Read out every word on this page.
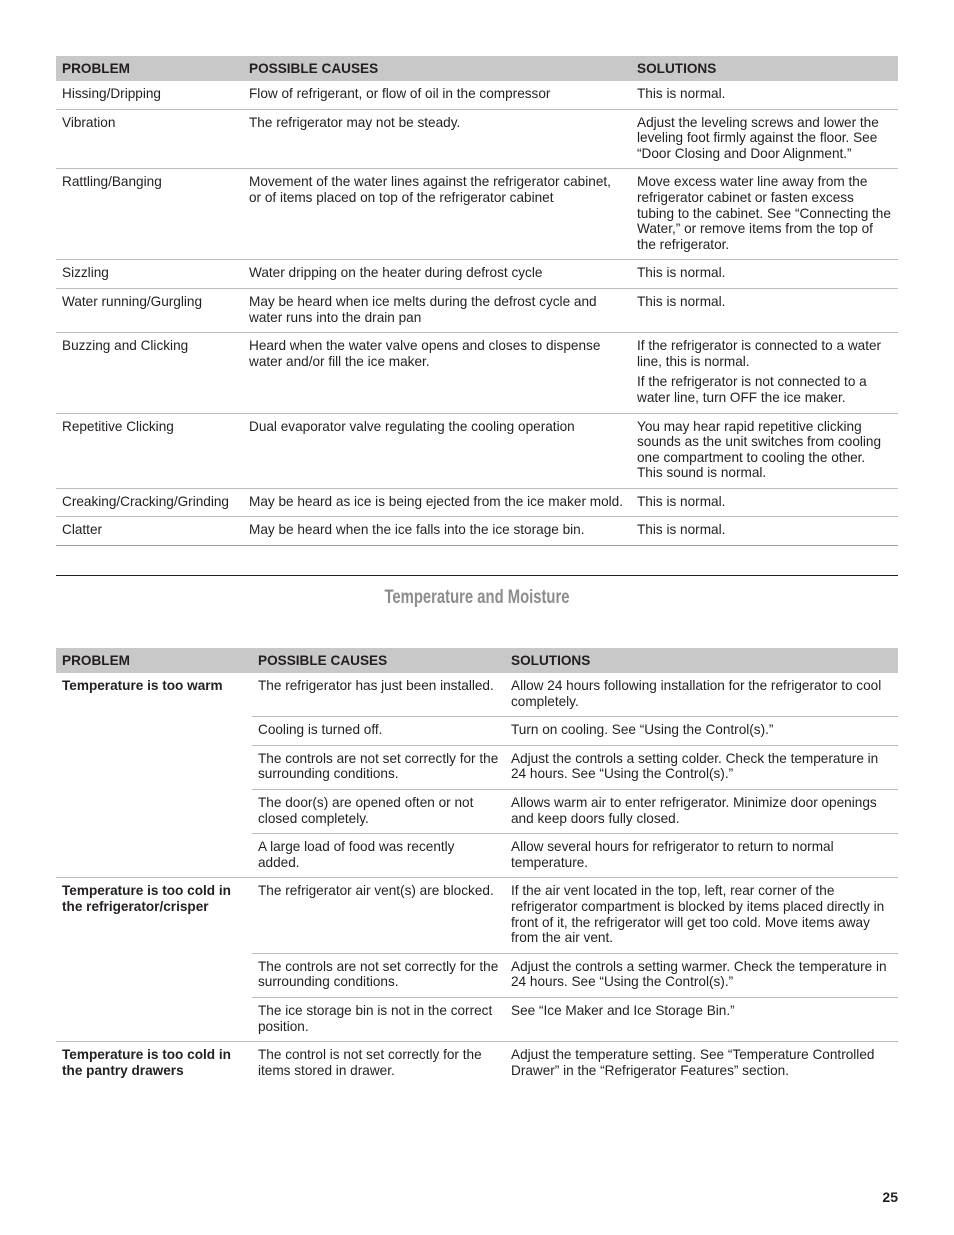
PROBLEM	POSSIBLE CAUSES	SOLUTIONS
Hissing/Dripping	Flow of refrigerant, or flow of oil in the compressor	This is normal.

Vibration	The refrigerator may not be steady.	Adjust the leveling screws and lower the leveling foot firmly against the floor. See “Door Closing and Door Alignment.”

Rattling/Banging	Movement of the water lines against the refrigerator cabinet, or of items placed on top of the refrigerator cabinet	Move excess water line away from the refrigerator cabinet or fasten excess tubing to the cabinet. See “Connecting the Water,” or remove items from the top of the refrigerator.

Sizzling	Water dripping on the heater during defrost cycle	This is normal.

Water running/Gurgling	May be heard when ice melts during the defrost cycle and water runs into the drain pan	This is normal.

Buzzing and Clicking	Heard when the water valve opens and closes to dispense water and/or fill the ice maker.	If the refrigerator is connected to a water line, this is normal.
If the refrigerator is not connected to a water line, turn OFF the ice maker.

Repetitive Clicking	Dual evaporator valve regulating the cooling operation	You may hear rapid repetitive clicking sounds as the unit switches from cooling one compartment to cooling the other. This sound is normal.

Creaking/Cracking/Grinding	May be heard as ice is being ejected from the ice maker mold.	This is normal.

Clatter	May be heard when the ice falls into the ice storage bin.	This is normal.
Temperature and Moisture
PROBLEM	POSSIBLE CAUSES	SOLUTIONS
Temperature is too warm	The refrigerator has just been installed.	Allow 24 hours following installation for the refrigerator to cool completely.
	Cooling is turned off.	Turn on cooling. See “Using the Control(s).”
	The controls are not set correctly for the surrounding conditions.	Adjust the controls a setting colder. Check the temperature in 24 hours. See “Using the Control(s).”
	The door(s) are opened often or not closed completely.	Allows warm air to enter refrigerator. Minimize door openings and keep doors fully closed.
	A large load of food was recently added.	Allow several hours for refrigerator to return to normal temperature.
Temperature is too cold in the refrigerator/crisper	The refrigerator air vent(s) are blocked.	If the air vent located in the top, left, rear corner of the refrigerator compartment is blocked by items placed directly in front of it, the refrigerator will get too cold. Move items away from the air vent.
	The controls are not set correctly for the surrounding conditions.	Adjust the controls a setting warmer. Check the temperature in 24 hours. See “Using the Control(s).”
	The ice storage bin is not in the correct position.	See “Ice Maker and Ice Storage Bin.”
Temperature is too cold in the pantry drawers	The control is not set correctly for the items stored in drawer.	Adjust the temperature setting. See “Temperature Controlled Drawer” in the “Refrigerator Features” section.
25
